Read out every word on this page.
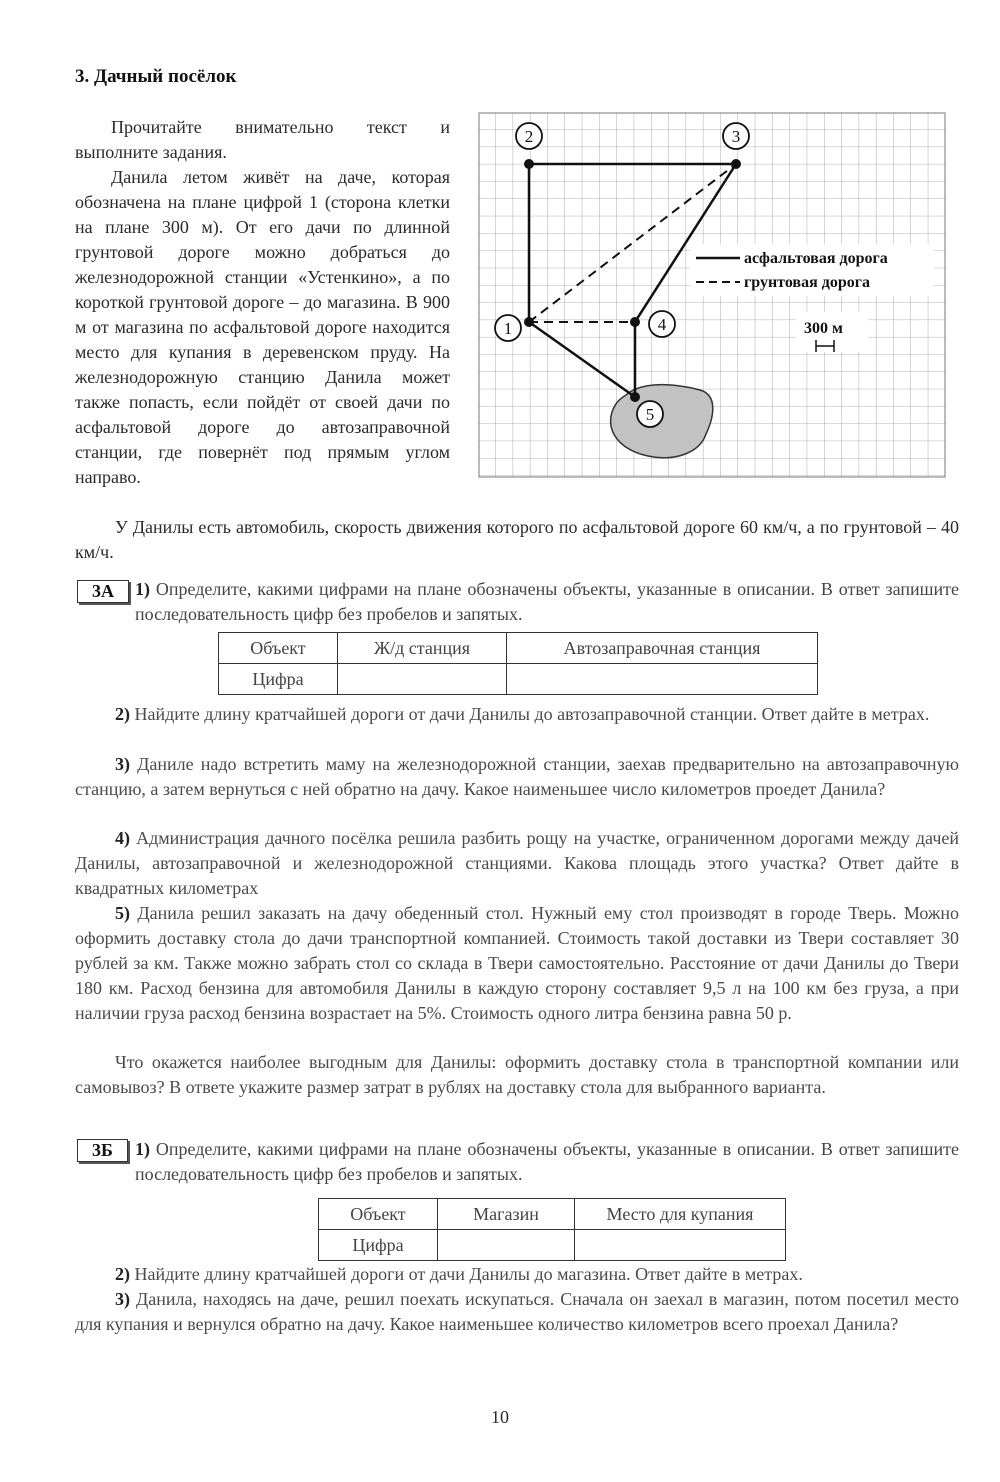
3. Дачный посёлок

Прочитайте внимательно текст и выполните задания.

Данила летом живёт на даче, которая обозначена на плане цифрой 1 (сторона клетки на плане 300 м). От его дачи по длинной грунтовой дороге можно добраться до железнодорожной станции «Устенкино», а по короткой грунтовой дороге – до магазина. В 900 м от магазина по асфальтовой дороге находится место для купания в деревенском пруду. На железнодорожную станцию Данила может также попасть, если пойдёт от своей дачи по асфальтовой дороге до автозаправочной станции, где повернёт под прямым углом направо.

2	3
1	4
5
асфальтовая дорога
грунтовая дорога
300 м

У Данилы есть автомобиль, скорость движения которого по асфальтовой дороге 60 км/ч, а по грунтовой – 40 км/ч.

3А	1) Определите, какими цифрами на плане обозначены объекты, указанные в описании. В ответ запишите последовательность цифр без пробелов и запятых.
Объект	Ж/д станция	Автозаправочная станция
Цифра		

2) Найдите длину кратчайшей дороги от дачи Данилы до автозаправочной станции. Ответ дайте в метрах.

3) Даниле надо встретить маму на железнодорожной станции, заехав предварительно на автозаправочную станцию, а затем вернуться с ней обратно на дачу. Какое наименьшее число километров проедет Данила?

4) Администрация дачного посёлка решила разбить рощу на участке, ограниченном дорогами между дачей Данилы, автозаправочной и железнодорожной станциями. Какова площадь этого участка? Ответ дайте в квадратных километрах

5) Данила решил заказать на дачу обеденный стол. Нужный ему стол производят в городе Тверь. Можно оформить доставку стола до дачи транспортной компанией. Стоимость такой доставки из Твери составляет 30 рублей за км. Также можно забрать стол со склада в Твери самостоятельно. Расстояние от дачи Данилы до Твери 180 км. Расход бензина для автомобиля Данилы в каждую сторону составляет 9,5 л на 100 км без груза, а при наличии груза расход бензина возрастает на 5%. Стоимость одного литра бензина равна 50 р.

Что окажется наиболее выгодным для Данилы: оформить доставку стола в транспортной компании или самовывоз? В ответе укажите размер затрат в рублях на доставку стола для выбранного варианта.

3Б	1) Определите, какими цифрами на плане обозначены объекты, указанные в описании. В ответ запишите последовательность цифр без пробелов и запятых.
Объект	Магазин	Место для купания
Цифра		

2) Найдите длину кратчайшей дороги от дачи Данилы до магазина. Ответ дайте в метрах.

3) Данила, находясь на даче, решил поехать искупаться. Сначала он заехал в магазин, потом посетил место для купания и вернулся обратно на дачу. Какое наименьшее количество километров всего проехал Данила?

10
